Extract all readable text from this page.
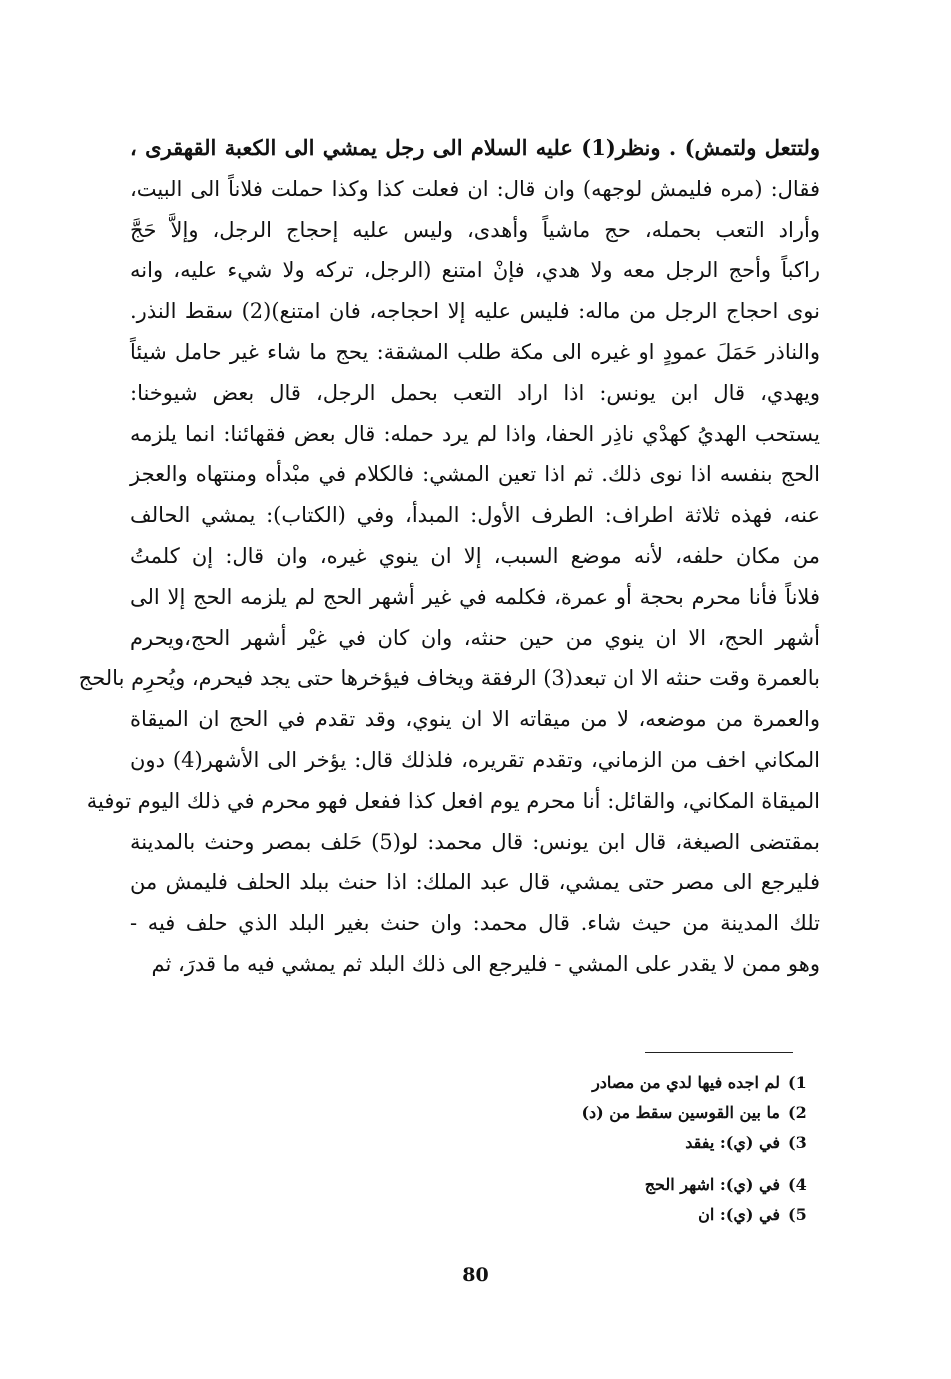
ولتتعل ولتمش) . ونظر(1) عليه السلام الى رجل يمشي الى الكعبة القهقرى ،
فقال: (مره فليمش لوجهه) وان قال: ان فعلت كذا وكذا حملت فلاناً الى البيت،
وأراد التعب بحمله، حج ماشياً وأهدى، وليس عليه إحجاج الرجل، وإلاَّ حَجَّ
راكباً وأحج الرجل معه ولا هدي، فإنْ امتنع (الرجل، تركه ولا شيء عليه، وانه
نوى احجاج الرجل من ماله: فليس عليه إلا احجاجه، فان امتنع)(2) سقط النذر.
والناذر حَمَلَ عمودٍ او غيره الى مكة طلب المشقة: يحج ما شاء غير حامل شيئاً
ويهدي، قال ابن يونس: اذا اراد التعب بحمل الرجل، قال بعض شيوخنا:
يستحب الهديُ كهدْي ناذِر الحفا، واذا لم يرد حمله: قال بعض فقهائنا: انما يلزمه
الحج بنفسه اذا نوى ذلك. ثم اذا تعين المشي: فالكلام في مبْدأه ومنتهاه والعجز
عنه، فهذه ثلاثة اطراف: الطرف الأول: المبدأ، وفي (الكتاب): يمشي الحالف
من مكان حلفه، لأنه موضع السبب، إلا ان ينوي غيره، وان قال: إن كلمتُ
فلاناً فأنا محرم بحجة أو عمرة، فكلمه في غير أشهر الحج لم يلزمه الحج إلا الى
أشهر الحج، الا ان ينوي من حين حنثه، وان كان في غيْر أشهر الحج،ويحرم
بالعمرة وقت حنثه الا ان تبعد(3) الرفقة ويخاف فيؤخرها حتى يجد فيحرم، ويُحرِم بالحج
والعمرة من موضعه، لا من ميقاته الا ان ينوي، وقد تقدم في الحج ان الميقاة
المكاني اخف من الزماني، وتقدم تقريره، فلذلك قال: يؤخر الى الأشهر(4) دون
الميقاة المكاني، والقائل: أنا محرم يوم افعل كذا ففعل فهو محرم في ذلك اليوم توفية
بمقتضى الصيغة، قال ابن يونس: قال محمد: لو(5) حَلف بمصر وحنث بالمدينة
فليرجع الى مصر حتى يمشي، قال عبد الملك: اذا حنث ببلد الحلف فليمش من
تلك المدينة من حيث شاء. قال محمد: وان حنث بغير البلد الذي حلف فيه -
وهو ممن لا يقدر على المشي - فليرجع الى ذلك البلد ثم يمشي فيه ما قدرَ، ثم
1)لم اجده فيها لدي من مصادر
2)ما بين القوسين سقط من (د)
3)في (ي): يفقد
4)في (ي): اشهر الحج
5)في (ي): ان
80
